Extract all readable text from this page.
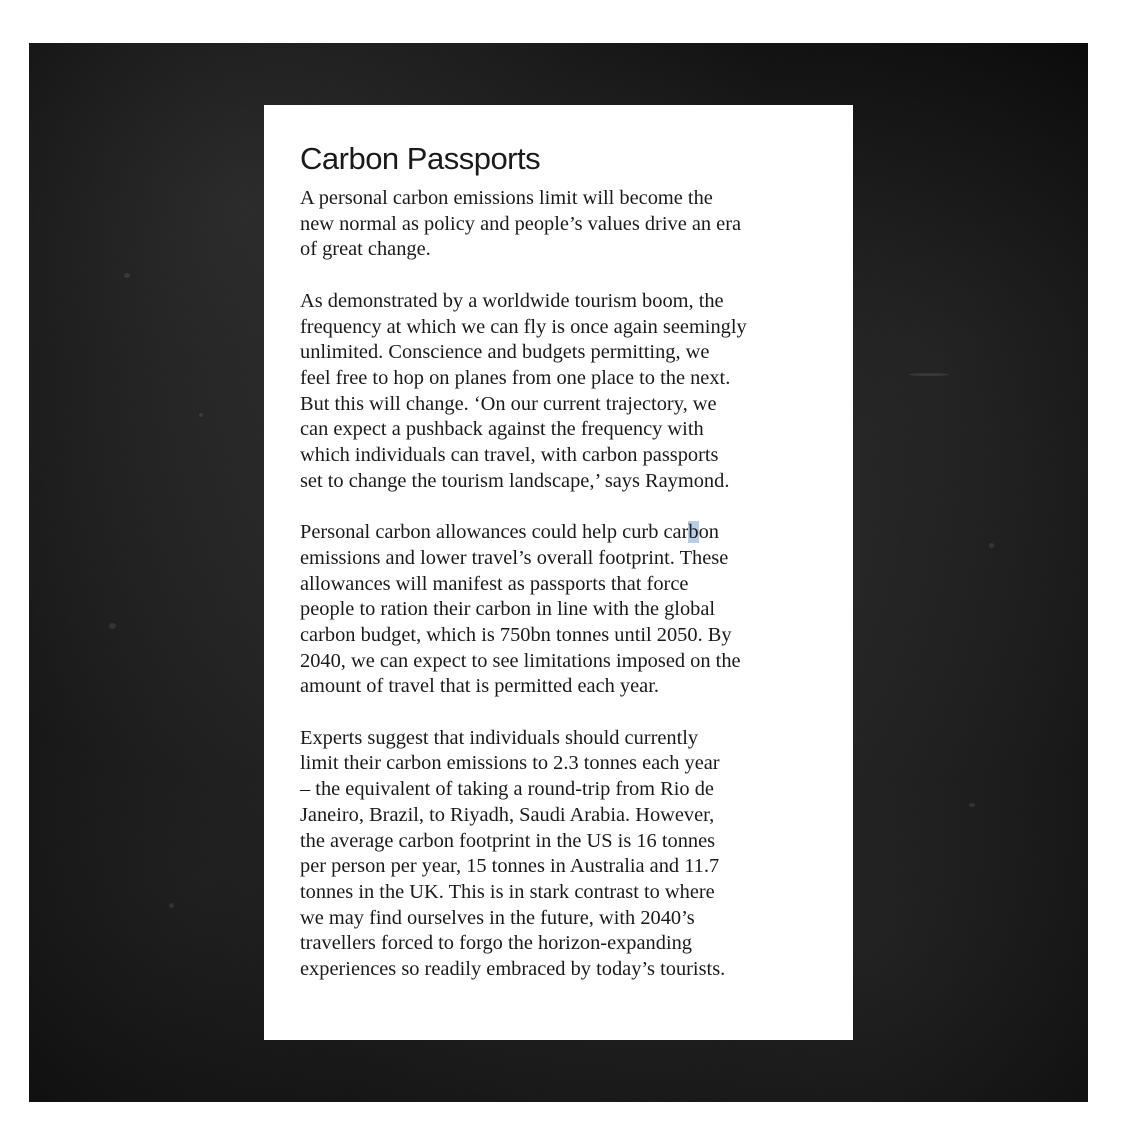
Carbon Passports
A personal carbon emissions limit will become the
new normal as policy and people’s values drive an era
of great change.
As demonstrated by a worldwide tourism boom, the
frequency at which we can fly is once again seemingly
unlimited. Conscience and budgets permitting, we
feel free to hop on planes from one place to the next.
But this will change. ‘On our current trajectory, we
can expect a pushback against the frequency with
which individuals can travel, with carbon passports
set to change the tourism landscape,’ says Raymond.
Personal carbon allowances could help curb carbon
emissions and lower travel’s overall footprint. These
allowances will manifest as passports that force
people to ration their carbon in line with the global
carbon budget, which is 750bn tonnes until 2050. By
2040, we can expect to see limitations imposed on the
amount of travel that is permitted each year.
Experts suggest that individuals should currently
limit their carbon emissions to 2.3 tonnes each year
– the equivalent of taking a round-trip from Rio de
Janeiro, Brazil, to Riyadh, Saudi Arabia. However,
the average carbon footprint in the US is 16 tonnes
per person per year, 15 tonnes in Australia and 11.7
tonnes in the UK. This is in stark contrast to where
we may find ourselves in the future, with 2040’s
travellers forced to forgo the horizon-expanding
experiences so readily embraced by today’s tourists.
